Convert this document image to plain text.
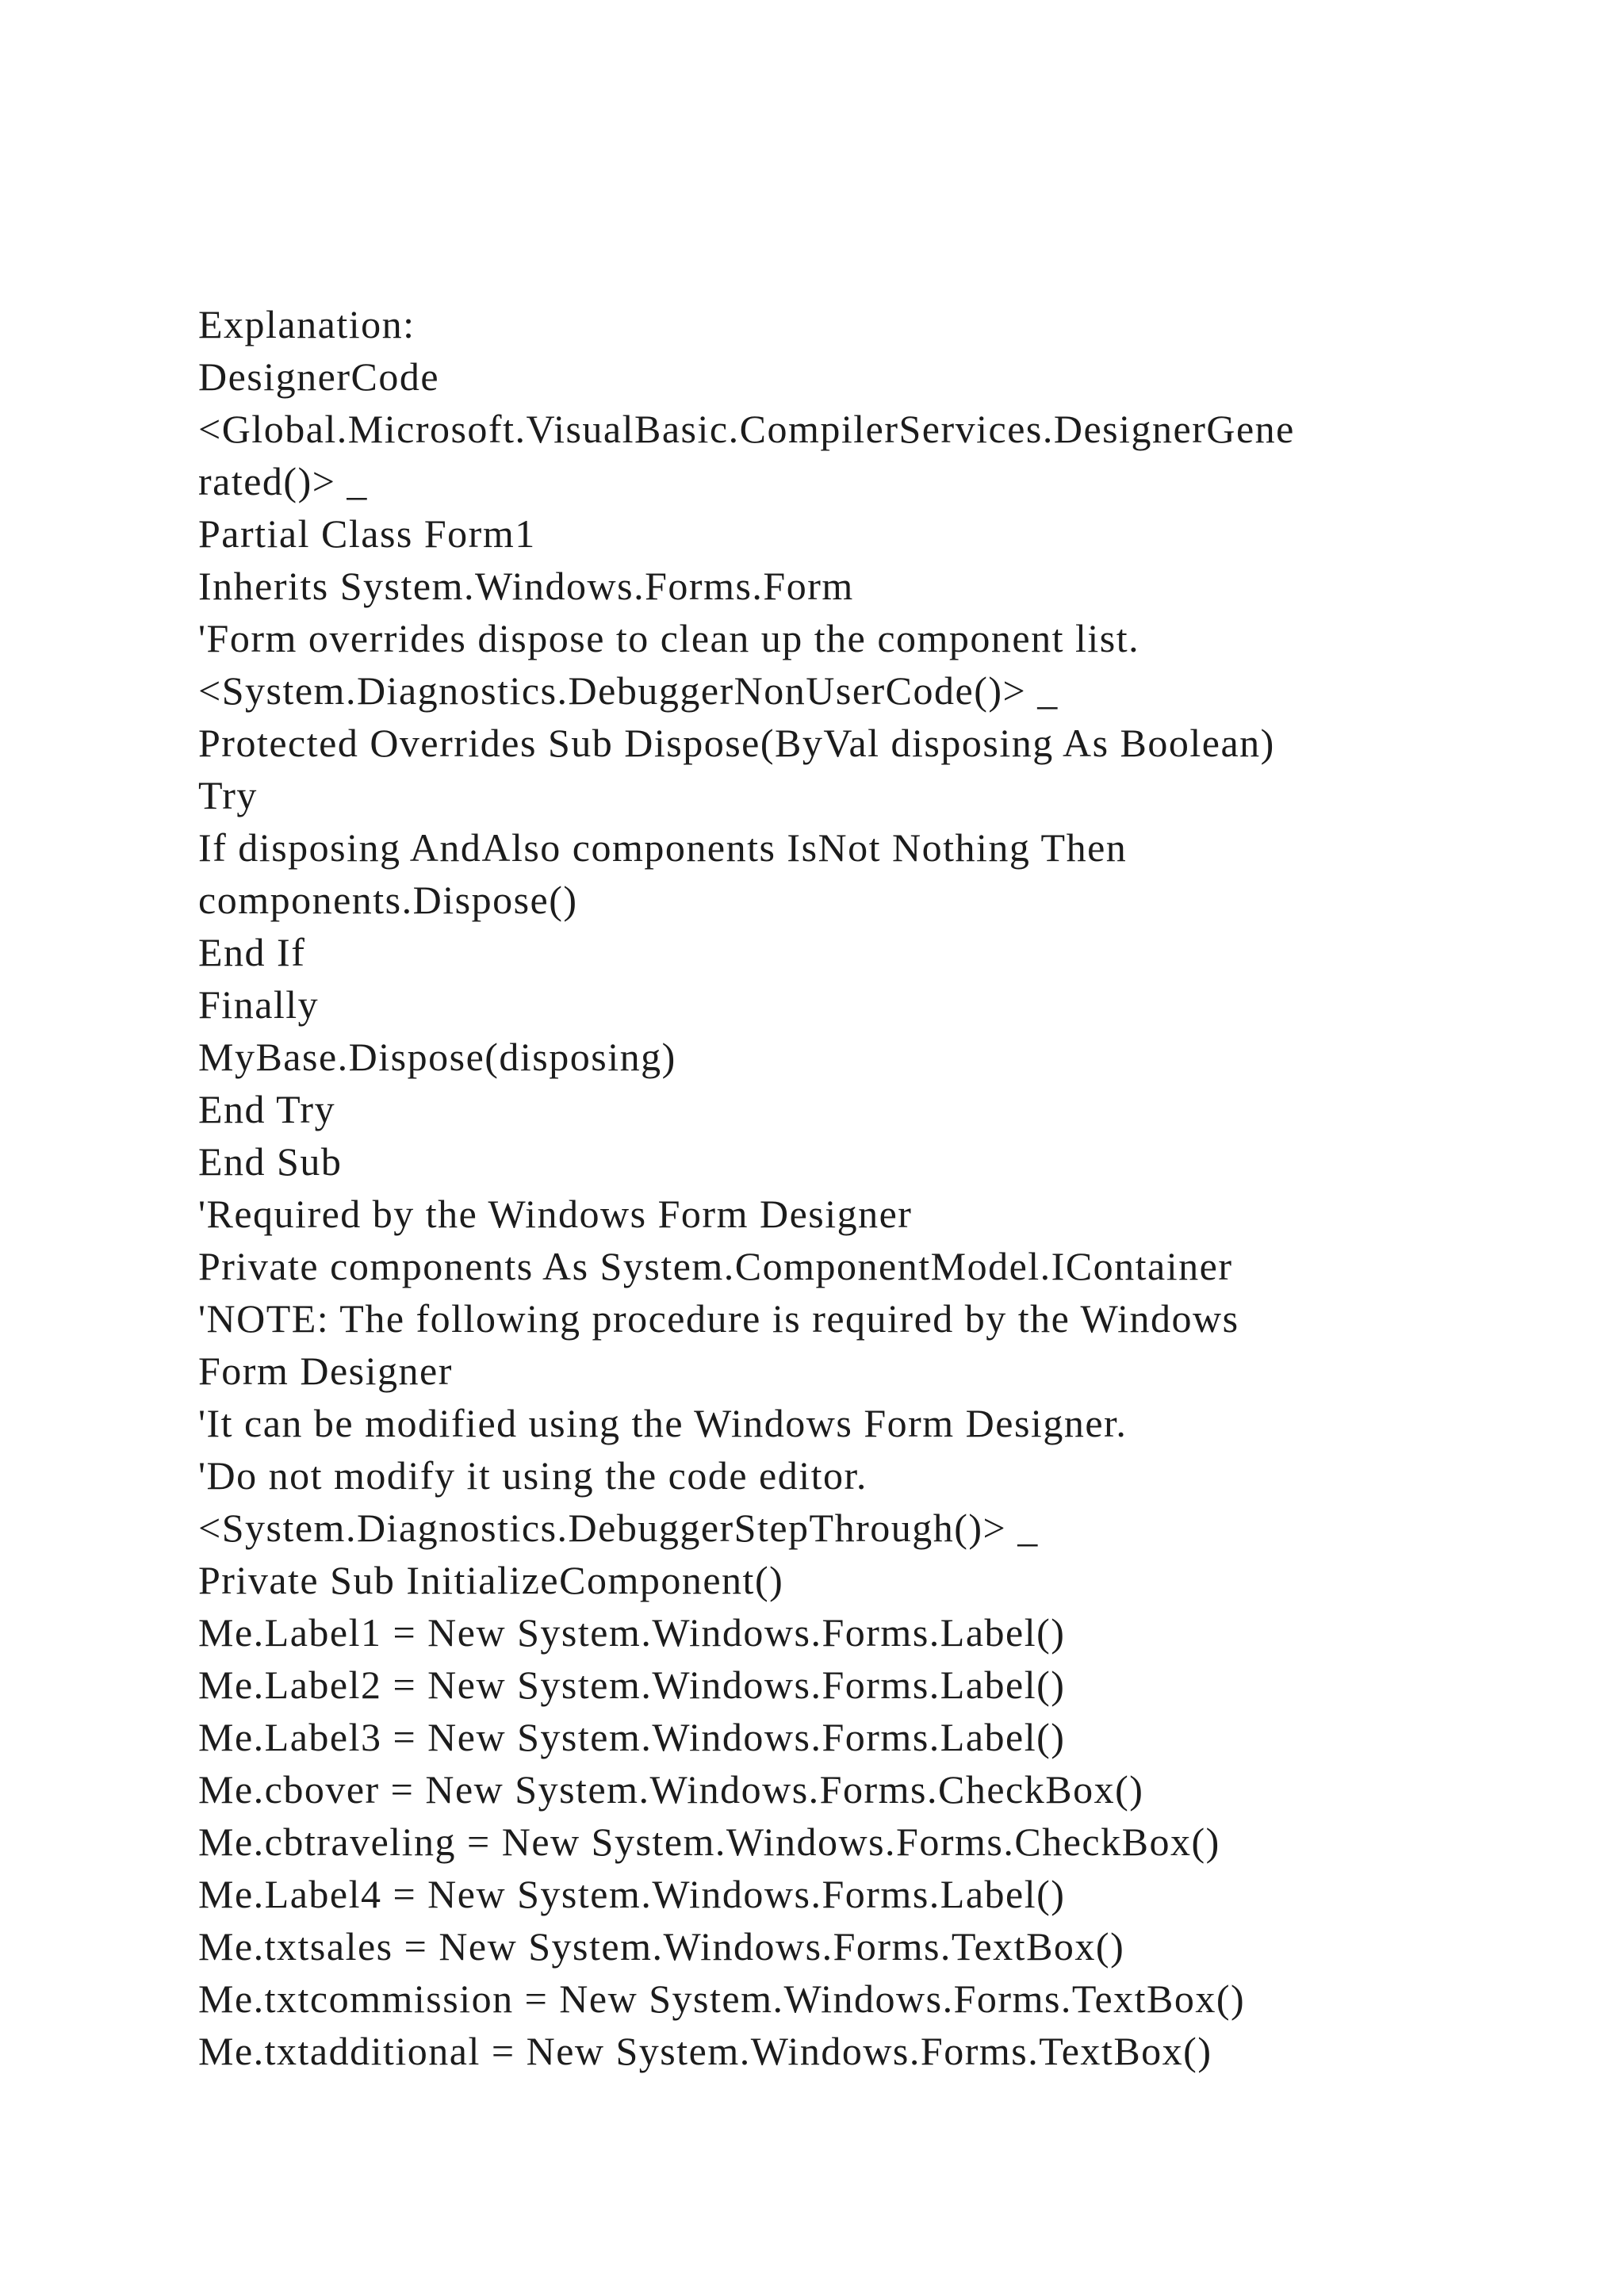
Explanation:
DesignerCode
<Global.Microsoft.VisualBasic.CompilerServices.DesignerGene
rated()> _
Partial Class Form1
Inherits System.Windows.Forms.Form
'Form overrides dispose to clean up the component list.
<System.Diagnostics.DebuggerNonUserCode()> _
Protected Overrides Sub Dispose(ByVal disposing As Boolean)
Try
If disposing AndAlso components IsNot Nothing Then
components.Dispose()
End If
Finally
MyBase.Dispose(disposing)
End Try
End Sub
'Required by the Windows Form Designer
Private components As System.ComponentModel.IContainer
'NOTE: The following procedure is required by the Windows
Form Designer
'It can be modified using the Windows Form Designer.
'Do not modify it using the code editor.
<System.Diagnostics.DebuggerStepThrough()> _
Private Sub InitializeComponent()
Me.Label1 = New System.Windows.Forms.Label()
Me.Label2 = New System.Windows.Forms.Label()
Me.Label3 = New System.Windows.Forms.Label()
Me.cbover = New System.Windows.Forms.CheckBox()
Me.cbtraveling = New System.Windows.Forms.CheckBox()
Me.Label4 = New System.Windows.Forms.Label()
Me.txtsales = New System.Windows.Forms.TextBox()
Me.txtcommission = New System.Windows.Forms.TextBox()
Me.txtadditional = New System.Windows.Forms.TextBox()
